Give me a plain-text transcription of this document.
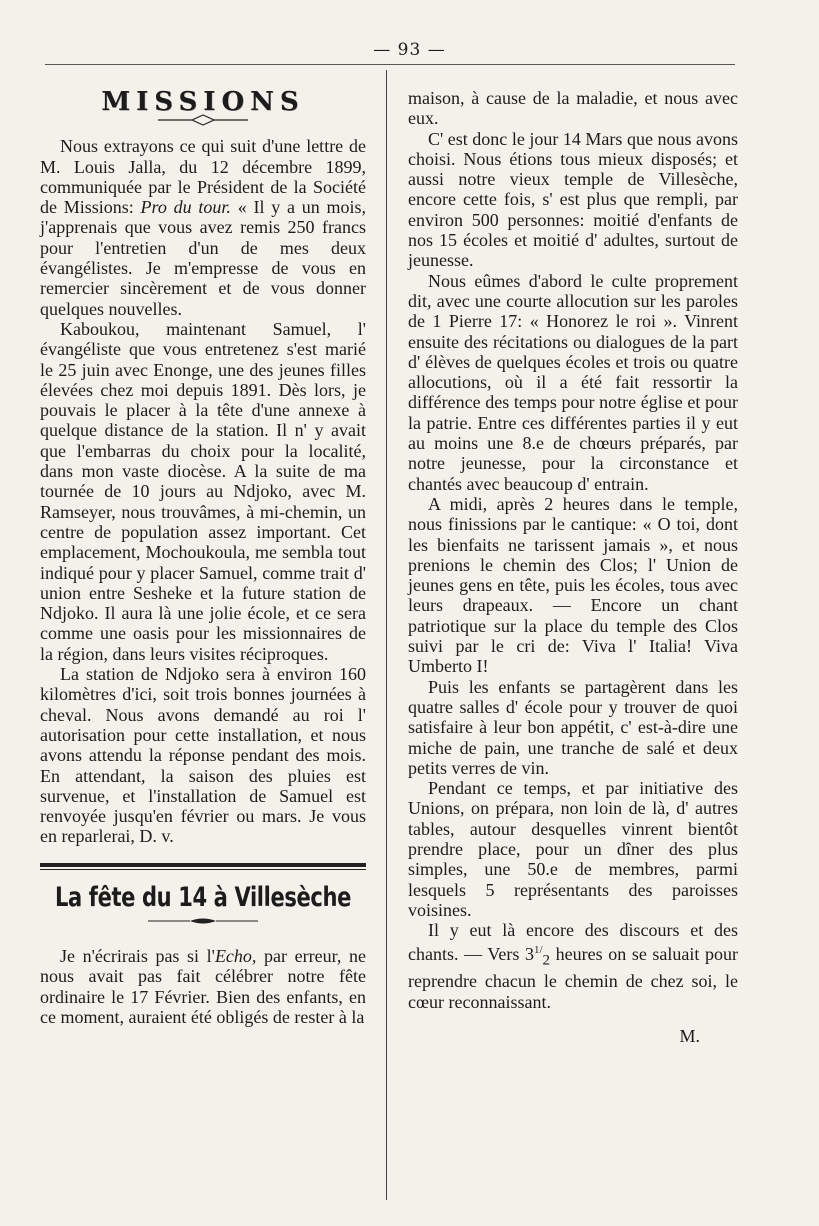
— 93 —
MISSIONS

Nous extrayons ce qui suit d'une lettre de M. Louis Jalla, du 12 décembre 1899, communiquée par le Président de la Société de Missions: Pro du tour. « Il y a un mois, j'apprenais que vous avez remis 250 francs pour l'entretien d'un de mes deux évangélistes. Je m'empresse de vous en remercier sincèrement et de vous donner quelques nouvelles.

Kaboukou, maintenant Samuel, l' évangéliste que vous entretenez s'est marié le 25 juin avec Enonge, une des jeunes filles élevées chez moi depuis 1891. Dès lors, je pouvais le placer à la tête d'une annexe à quelque distance de la station. Il n' y avait que l'embarras du choix pour la localité, dans mon vaste diocèse. A la suite de ma tournée de 10 jours au Ndjoko, avec M. Ramseyer, nous trouvâmes, à mi-chemin, un centre de population assez important. Cet emplacement, Mochoukoula, me sembla tout indiqué pour y placer Samuel, comme trait d' union entre Sesheke et la future station de Ndjoko. Il aura là une jolie école, et ce sera comme une oasis pour les missionnaires de la région, dans leurs visites réciproques.

La station de Ndjoko sera à environ 160 kilomètres d'ici, soit trois bonnes journées à cheval. Nous avons demandé au roi l' autorisation pour cette installation, et nous avons attendu la réponse pendant des mois. En attendant, la saison des pluies est survenue, et l'installation de Samuel est renvoyée jusqu'en février ou mars. Je vous en reparlerai, D. v.

La fête du 14 à Villesèche

Je n'écrirais pas si l'Echo, par erreur, ne nous avait pas fait célébrer notre fête ordinaire le 17 Février. Bien des enfants, en ce moment, auraient été obligés de rester à la

maison, à cause de la maladie, et nous avec eux.

C' est donc le jour 14 Mars que nous avons choisi. Nous étions tous mieux disposés; et aussi notre vieux temple de Villesèche, encore cette fois, s' est plus que rempli, par environ 500 personnes: moitié d'enfants de nos 15 écoles et moitié d' adultes, surtout de jeunesse.

Nous eûmes d'abord le culte proprement dit, avec une courte allocution sur les paroles de 1 Pierre 17: « Honorez le roi ». Vinrent ensuite des récitations ou dialogues de la part d' élèves de quelques écoles et trois ou quatre allocutions, où il a été fait ressortir la différence des temps pour notre église et pour la patrie. Entre ces différentes parties il y eut au moins une 8.e de chœurs préparés, par notre jeunesse, pour la circonstance et chantés avec beaucoup d' entrain.

A midi, après 2 heures dans le temple, nous finissions par le cantique: « O toi, dont les bienfaits ne tarissent jamais », et nous prenions le chemin des Clos; l' Union de jeunes gens en tête, puis les écoles, tous avec leurs drapeaux. — Encore un chant patriotique sur la place du temple des Clos suivi par le cri de: Viva l' Italia! Viva Umberto I!

Puis les enfants se partagèrent dans les quatre salles d' école pour y trouver de quoi satisfaire à leur bon appétit, c' est-à-dire une miche de pain, une tranche de salé et deux petits verres de vin.

Pendant ce temps, et par initiative des Unions, on prépara, non loin de là, d' autres tables, autour desquelles vinrent bientôt prendre place, pour un dîner des plus simples, une 50.e de membres, parmi lesquels 5 représentants des paroisses voisines.

Il y eut là encore des discours et des chants. — Vers $3^{1/}_2$ heures on se saluait pour reprendre chacun le chemin de chez soi, le cœur reconnaissant.

M.
